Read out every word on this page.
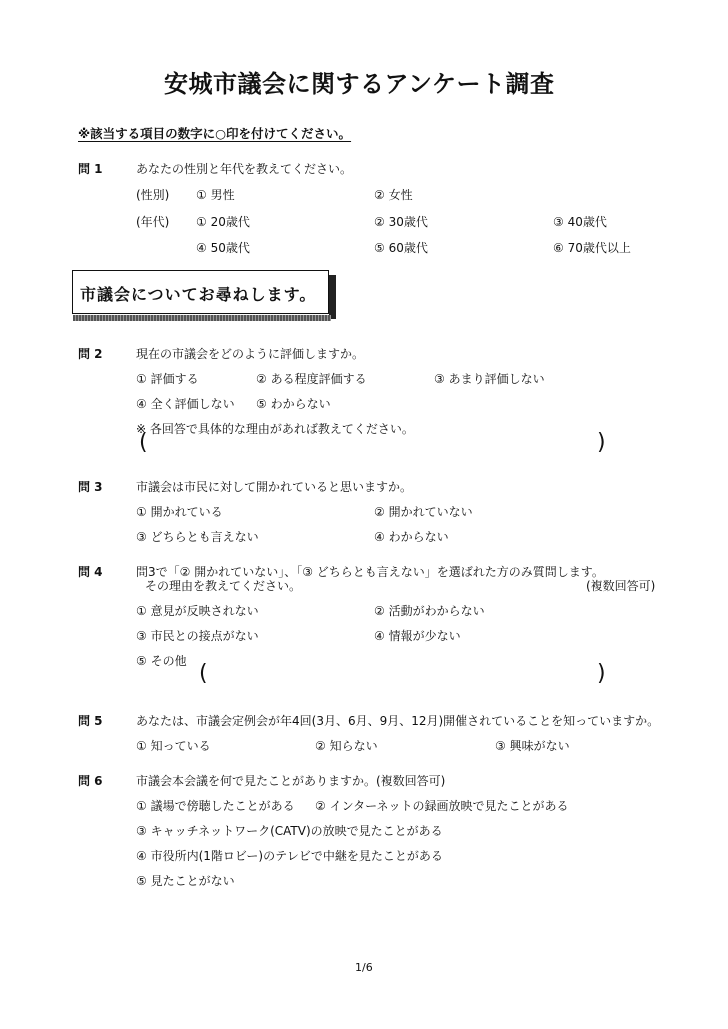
安城市議会に関するアンケート調査
※該当する項目の数字に○印を付けてください。
問 1	あなたの性別と年代を教えてください。
(性別) ① 男性	② 女性
(年代) ① 20歳代	② 30歳代	③ 40歳代
④ 50歳代	⑤ 60歳代	⑥ 70歳代以上
市議会についてお尋ねします。
問 2	現在の市議会をどのように評価しますか。
① 評価する	② ある程度評価する	③ あまり評価しない
④ 全く評価しない ⑤ わからない
※ 各回答で具体的な理由があれば教えてください。
(	)
問 3	市議会は市民に対して開かれていると思いますか。
① 開かれている	② 開かれていない
③ どちらとも言えない	④ わからない
問 4	問3で「② 開かれていない」、「③ どちらとも言えない」を選ばれた方のみ質問します。
その理由を教えてください。	(複数回答可)
① 意見が反映されない	② 活動がわからない
③ 市民との接点がない	④ 情報が少ない
⑤ その他 (	)
問 5	あなたは、市議会定例会が年4回(3月、6月、9月、12月)開催されていることを知っていますか。
① 知っている	② 知らない	③ 興味がない
問 6	市議会本会議を何で見たことがありますか。(複数回答可)
① 議場で傍聴したことがある ② インターネットの録画放映で見たことがある
③ キャッチネットワーク(CATV)の放映で見たことがある
④ 市役所内(1階ロビー)のテレビで中継を見たことがある
⑤ 見たことがない
1/6
